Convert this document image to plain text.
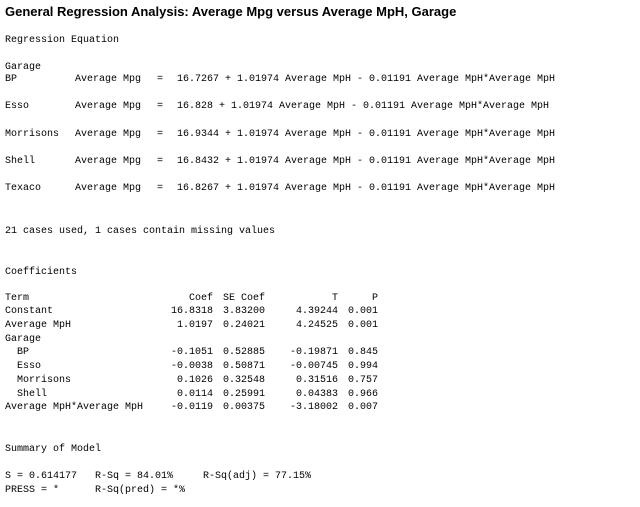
General Regression Analysis: Average Mpg versus Average MpH, Garage
Regression Equation
Garage
BP	Average Mpg = 16.7267 + 1.01974 Average MpH - 0.01191 Average MpH*Average MpH
Esso	Average Mpg = 16.828 + 1.01974 Average MpH - 0.01191 Average MpH*Average MpH
Morrisons Average Mpg = 16.9344 + 1.01974 Average MpH - 0.01191 Average MpH*Average MpH
Shell	Average Mpg = 16.8432 + 1.01974 Average MpH - 0.01191 Average MpH*Average MpH
Texaco	Average Mpg = 16.8267 + 1.01974 Average MpH - 0.01191 Average MpH*Average MpH
21 cases used, 1 cases contain missing values
Coefficients
Term	Coef SE Coef	T	P
Constant	16.8318 3.83200	4.39244 0.001
Average MpH	1.0197 0.24021	4.24525 0.001
Garage
BP	-0.1051 0.52885 -0.19871 0.845
Esso	-0.0038 0.50871 -0.00745 0.994
Morrisons	0.1026 0.32548	0.31516 0.757
Shell	0.0114 0.25991	0.04383 0.966
Average MpH*Average MpH	-0.0119 0.00375 -3.18002 0.007
Summary of Model
S = 0.614177   R-Sq = 84.01%     R-Sq(adj) = 77.15%
PRESS = *      R-Sq(pred) = *%
